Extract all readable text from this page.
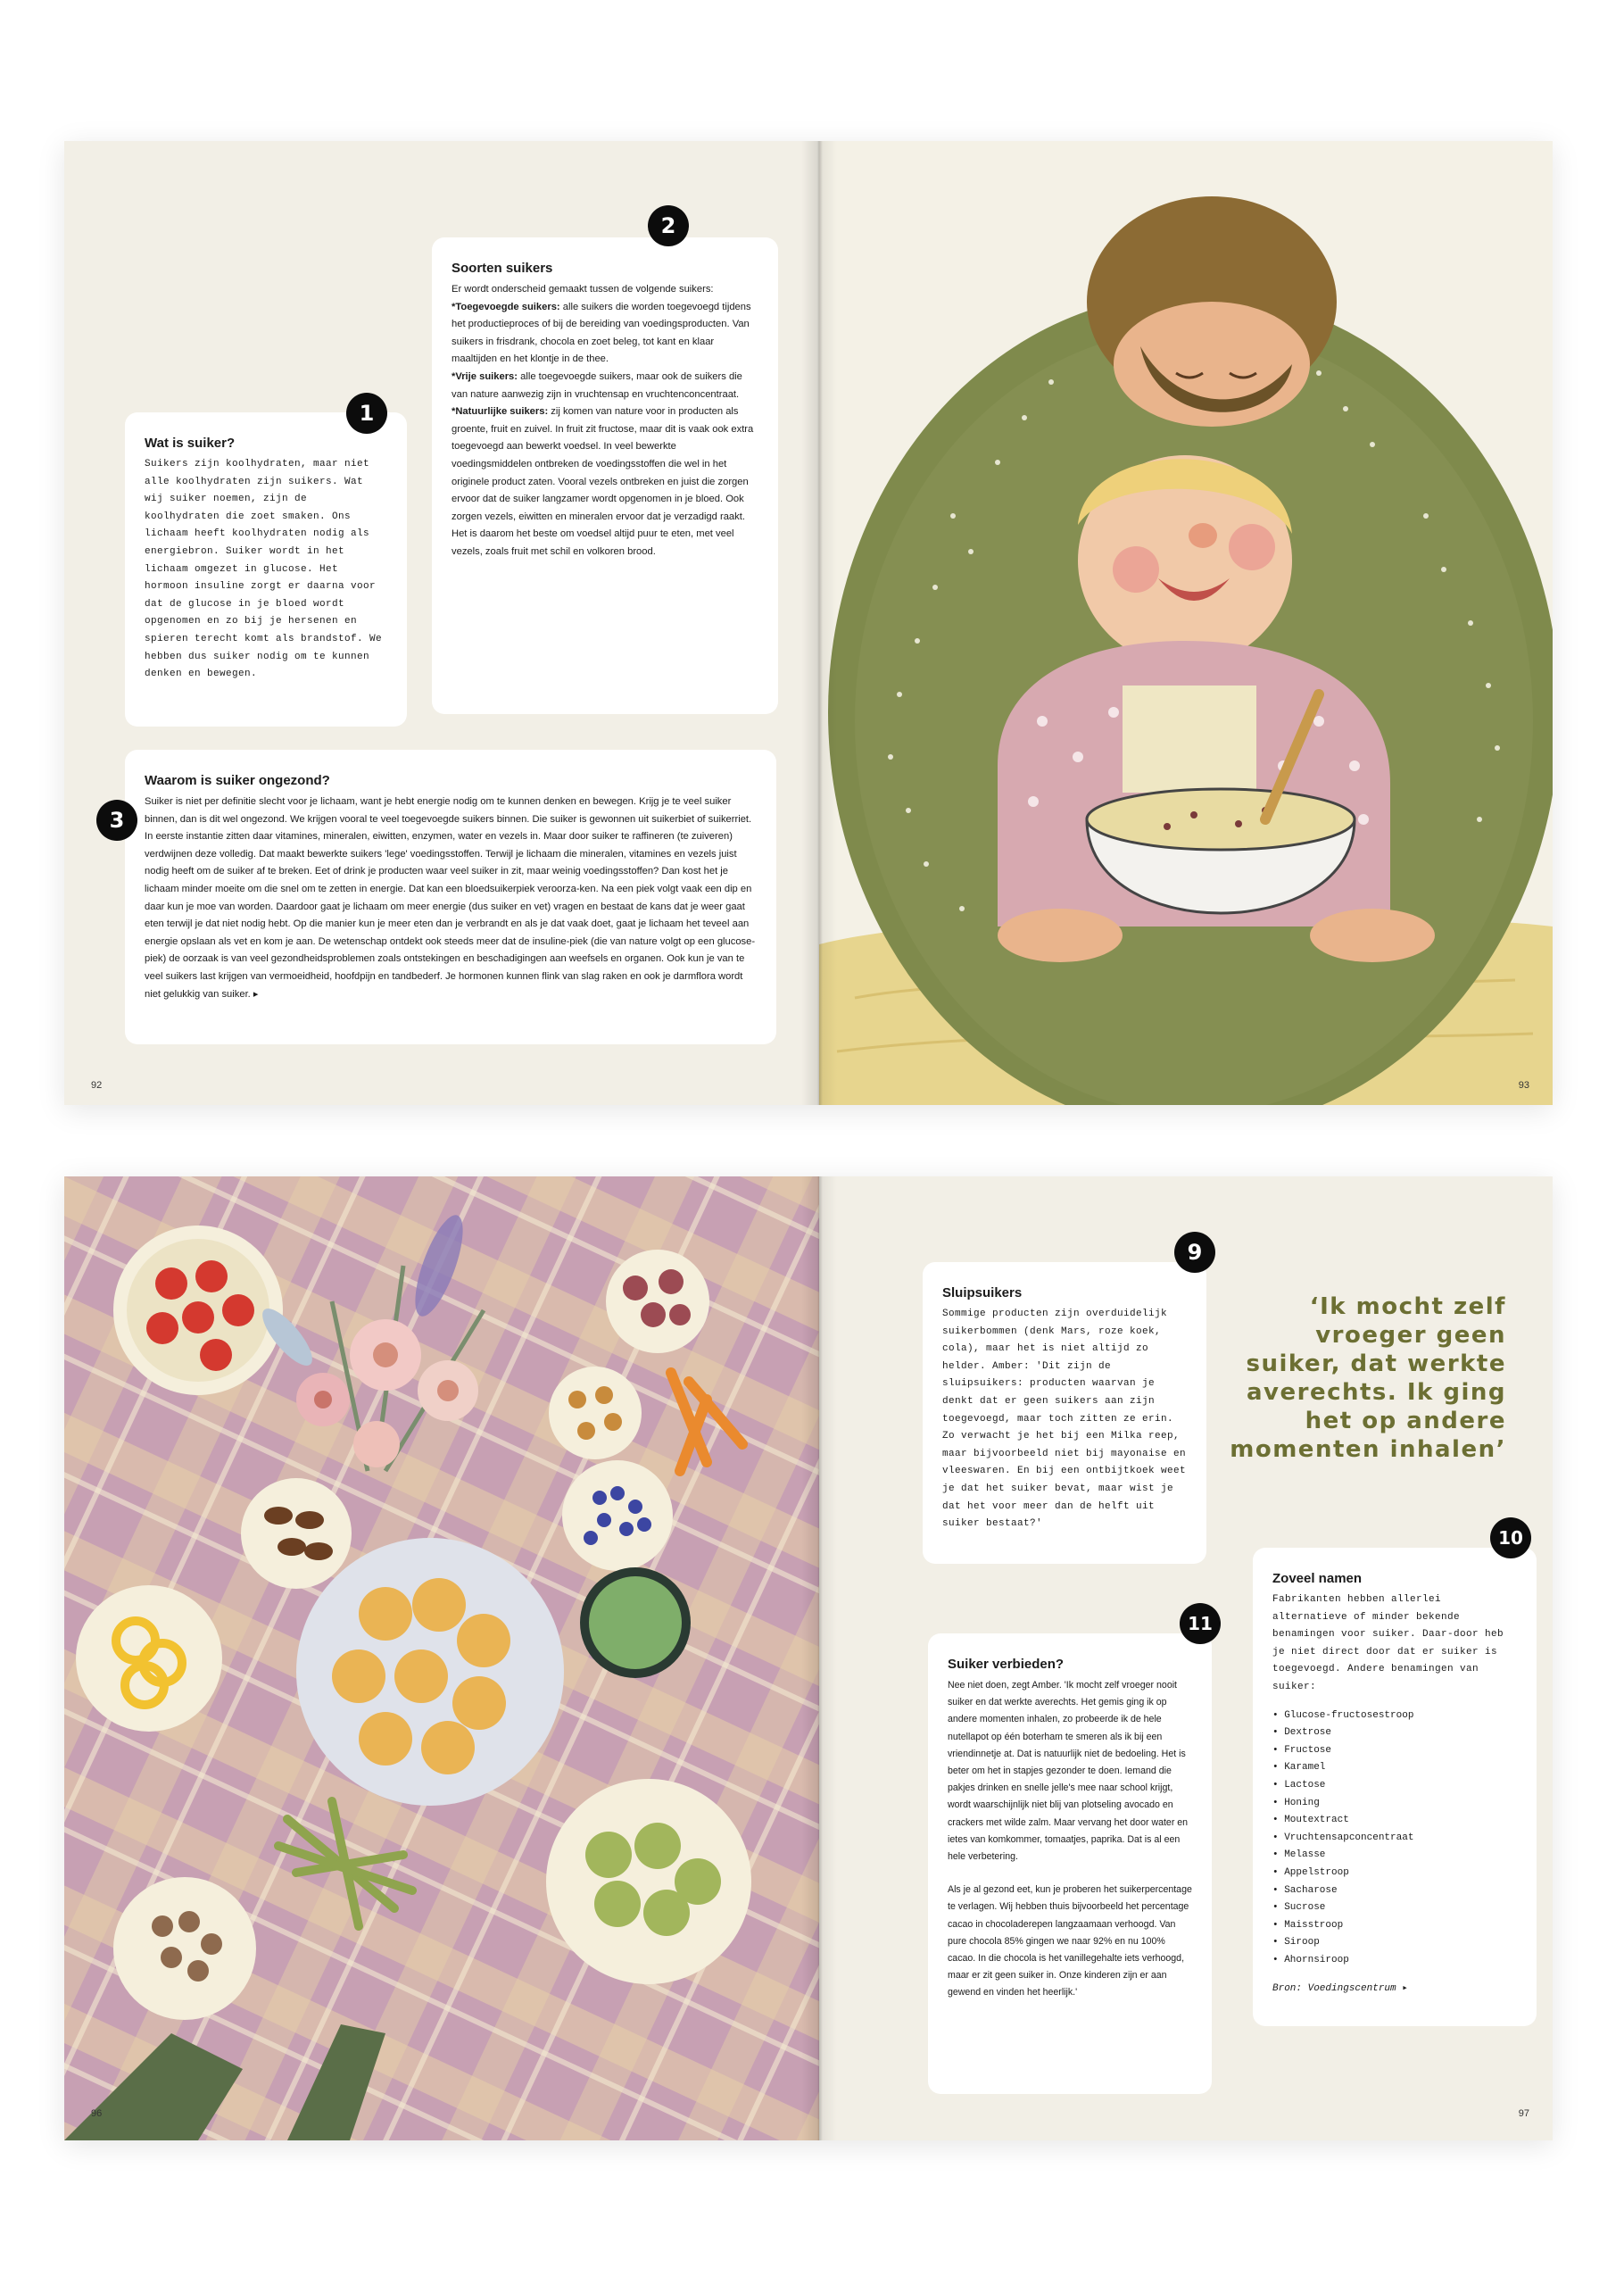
Wat is suiker?

Suikers zijn koolhydraten, maar niet alle koolhydraten zijn suikers. Wat wij suiker noemen, zijn de koolhydraten die zoet smaken. Ons lichaam heeft koolhydraten nodig als energiebron. Suiker wordt in het lichaam omgezet in glucose. Het hormoon insuline zorgt er daarna voor dat de glucose in je bloed wordt opgenomen en zo bij je hersenen en spieren terecht komt als brandstof. We hebben dus suiker nodig om te kunnen denken en bewegen.

1
Soorten suikers

Er wordt onderscheid gemaakt tussen de volgende suikers:
*Toegevoegde suikers: alle suikers die worden toegevoegd tijdens het productieproces of bij de bereiding van voedingsproducten. Van suikers in frisdrank, chocola en zoet beleg, tot kant en klaar maaltijden en het klontje in de thee.
*Vrije suikers: alle toegevoegde suikers, maar ook de suikers die van nature aanwezig zijn in vruchtensap en vruchtenconcentraat.
*Natuurlijke suikers: zij komen van nature voor in producten als groente, fruit en zuivel. In fruit zit fructose, maar dit is vaak ook extra toegevoegd aan bewerkt voedsel. In veel bewerkte voedingsmiddelen ontbreken de voedingsstoffen die wel in het originele product zaten. Vooral vezels ontbreken en juist die zorgen ervoor dat de suiker langzamer wordt opgenomen in je bloed. Ook zorgen vezels, eiwitten en mineralen ervoor dat je verzadigd raakt. Het is daarom het beste om voedsel altijd puur te eten, met veel vezels, zoals fruit met schil en volkoren brood.

2
Waarom is suiker ongezond?

Suiker is niet per definitie slecht voor je lichaam, want je hebt energie nodig om te kunnen denken en bewegen. Krijg je te veel suiker binnen, dan is dit wel ongezond. We krijgen vooral te veel toegevoegde suikers binnen. Die suiker is gewonnen uit suikerbiet of suikerriet. In eerste instantie zitten daar vitamines, mineralen, eiwitten, enzymen, water en vezels in. Maar door suiker te raffineren (te zuiveren) verdwijnen deze volledig. Dat maakt bewerkte suikers 'lege' voedingsstoffen. Terwijl je lichaam die mineralen, vitamines en vezels juist nodig heeft om de suiker af te breken. Eet of drink je producten waar veel suiker in zit, maar weinig voedingsstoffen? Dan kost het je lichaam minder moeite om die snel om te zetten in energie. Dat kan een bloedsuikerpiek veroorza-ken. Na een piek volgt vaak een dip en daar kun je moe van worden. Daardoor gaat je lichaam om meer energie (dus suiker en vet) vragen en bestaat de kans dat je weer gaat eten terwijl je dat niet nodig hebt. Op die manier kun je meer eten dan je verbrandt en als je dat vaak doet, gaat je lichaam het teveel aan energie opslaan als vet en kom je aan. De wetenschap ontdekt ook steeds meer dat de insuline-piek (die van nature volgt op een glucose-piek) de oorzaak is van veel gezondheidsproblemen zoals ontstekingen en beschadigingen aan weefsels en organen. Ook kun je van te veel suikers last krijgen van vermoeidheid, hoofdpijn en tandbederf. Je hormonen kunnen flink van slag raken en ook je darmflora wordt niet gelukkig van suiker. ▸

3
92	93
96
Sluipsuikers

Sommige producten zijn overduidelijk suikerbommen (denk Mars, roze koek, cola), maar het is niet altijd zo helder. Amber: 'Dit zijn de sluipsuikers: producten waarvan je denkt dat er geen suikers aan zijn toegevoegd, maar toch zitten ze erin. Zo verwacht je het bij een Milka reep, maar bijvoorbeeld niet bij mayonaise en vleeswaren. En bij een ontbijtkoek weet je dat het suiker bevat, maar wist je dat het voor meer dan de helft uit suiker bestaat?'

9
‘Ik mocht zelf
vroeger geen
suiker, dat werkte
averechts. Ik ging
het op andere
momenten inhalen’
Zoveel namen

Fabrikanten hebben allerlei alternatieve of minder bekende benamingen voor suiker. Daar-door heb je niet direct door dat er suiker is toegevoegd. Andere benamingen van suiker:

• Glucose-fructosestroop
• Dextrose
• Fructose
• Karamel
• Lactose
• Honing
• Moutextract
• Vruchtensapconcentraat
• Melasse
• Appelstroop
• Sacharose
• Sucrose
• Maisstroop
• Siroop
• Ahornsiroop
Bron: Voedingscentrum ▸
10
Suiker verbieden?

Nee niet doen, zegt Amber. 'Ik mocht zelf vroeger nooit suiker en dat werkte averechts. Het gemis ging ik op andere momenten inhalen, zo probeerde ik de hele nutellapot op één boterham te smeren als ik bij een vriendinnetje at. Dat is natuurlijk niet de bedoeling. Het is beter om het in stapjes gezonder te doen. Iemand die pakjes drinken en snelle jelle's mee naar school krijgt, wordt waarschijnlijk niet blij van plotseling avocado en crackers met wilde zalm. Maar vervang het door water en ietes van komkommer, tomaatjes, paprika. Dat is al een hele verbetering.

Als je al gezond eet, kun je proberen het suikerpercentage te verlagen. Wij hebben thuis bijvoorbeeld het percentage cacao in chocoladerepen langzaamaan verhoogd. Van pure chocola 85% gingen we naar 92% en nu 100% cacao. In die chocola is het vanillegehalte iets verhoogd, maar er zit geen suiker in. Onze kinderen zijn er aan gewend en vinden het heerlijk.'

11
97
